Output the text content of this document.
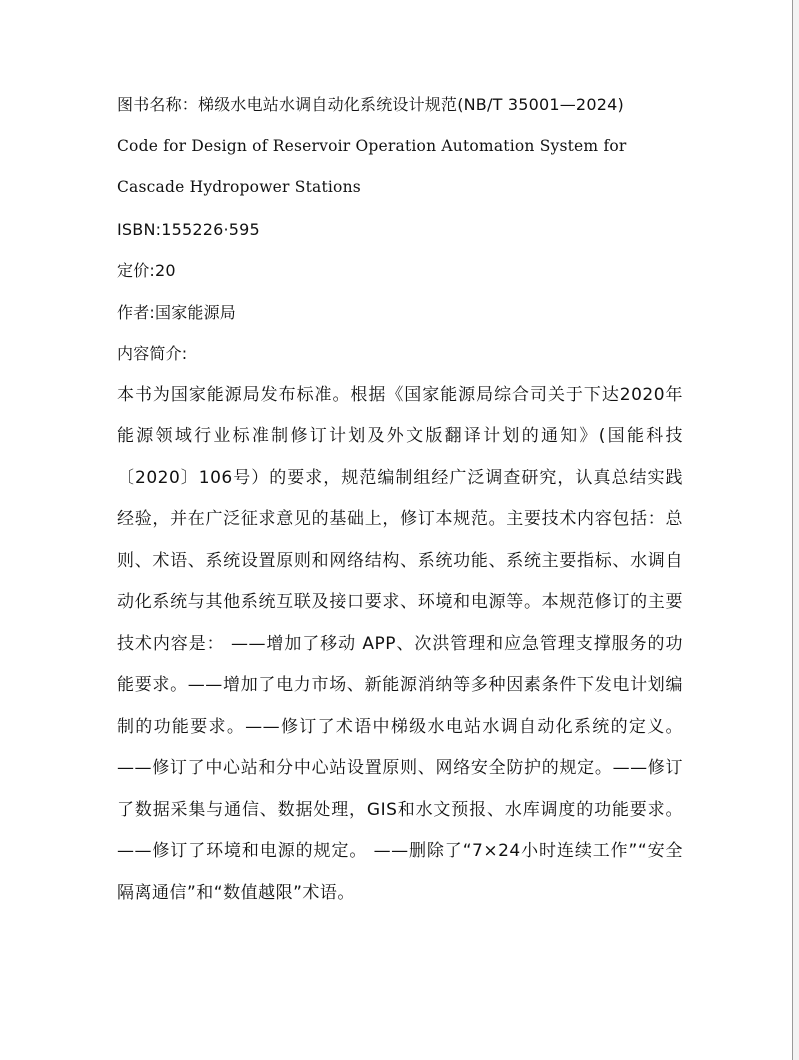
图书名称：梯级水电站水调自动化系统设计规范(NB/T 35001—2024)

Code for Design of Reservoir Operation Automation System for

Cascade Hydropower Stations

ISBN:155226·595

定价:20

作者:国家能源局

内容简介:

本书为国家能源局发布标准。根据《国家能源局综合司关于下达2020年能源领域行业标准制修订计划及外文版翻译计划的通知》(国能科技〔2020〕106号）的要求，规范编制组经广泛调查研究，认真总结实践经验，并在广泛征求意见的基础上，修订本规范。主要技术内容包括：总则、术语、系统设置原则和网络结构、系统功能、系统主要指标、水调自动化系统与其他系统互联及接口要求、环境和电源等。本规范修订的主要技术内容是： ——增加了移动 APP、次洪管理和应急管理支撑服务的功能要求。——增加了电力市场、新能源消纳等多种因素条件下发电计划编制的功能要求。——修订了术语中梯级水电站水调自动化系统的定义。 ——修订了中心站和分中心站设置原则、网络安全防护的规定。——修订了数据采集与通信、数据处理，GIS和水文预报、水库调度的功能要求。——修订了环境和电源的规定。 ——删除了“7×24小时连续工作”“安全隔离通信”和“数值越限”术语。
